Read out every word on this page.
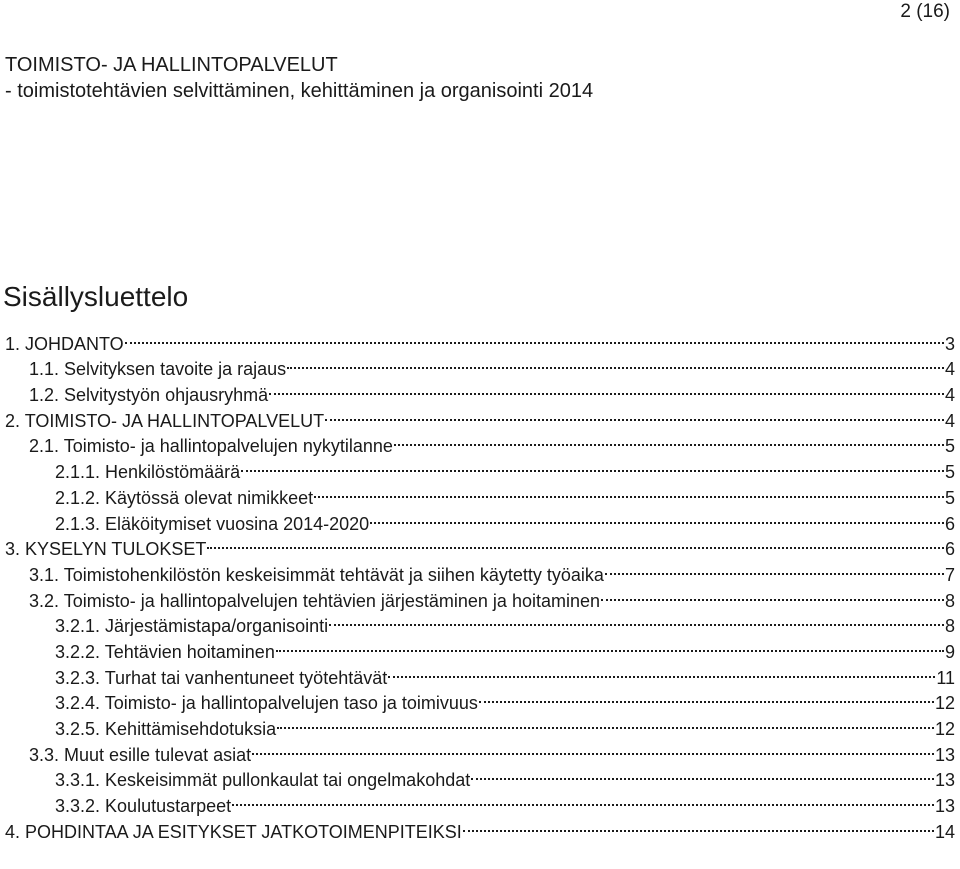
2 (16)
TOIMISTO- JA HALLINTOPALVELUT
- toimistotehtävien selvittäminen, kehittäminen ja organisointi 2014
Sisällysluettelo
1. JOHDANTO	3
1.1. Selvityksen tavoite ja rajaus	4
1.2. Selvitystyön ohjausryhmä	4
2. TOIMISTO- JA HALLINTOPALVELUT	4
2.1. Toimisto- ja hallintopalvelujen nykytilanne	5
2.1.1. Henkilöstömäärä	5
2.1.2. Käytössä olevat nimikkeet	5
2.1.3. Eläköitymiset vuosina 2014-2020	6
3. KYSELYN TULOKSET	6
3.1. Toimistohenkilöstön keskeisimmät tehtävät ja siihen käytetty työaika	7
3.2. Toimisto- ja hallintopalvelujen tehtävien järjestäminen ja hoitaminen	8
3.2.1. Järjestämistapa/organisointi	8
3.2.2. Tehtävien hoitaminen	9
3.2.3. Turhat tai vanhentuneet työtehtävät	11
3.2.4. Toimisto- ja hallintopalvelujen taso ja toimivuus	12
3.2.5. Kehittämisehdotuksia	12
3.3. Muut esille tulevat asiat	13
3.3.1. Keskeisimmät pullonkaulat tai ongelmakohdat	13
3.3.2. Koulutustarpeet	13
4. POHDINTAA JA ESITYKSET JATKOTOIMENPITEIKSI	14
